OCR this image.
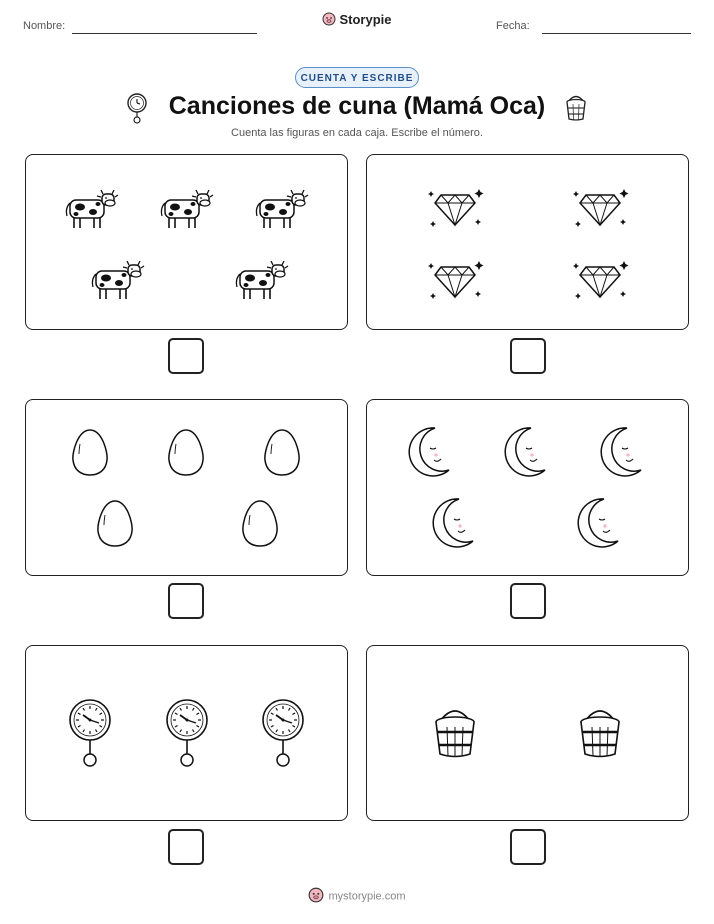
Nombre:	Storypie	Fecha:
CUENTA Y ESCRIBE
Canciones de cuna (Mamá Oca)
Cuenta las figuras en cada caja. Escribe el número.
mystorypie.com
